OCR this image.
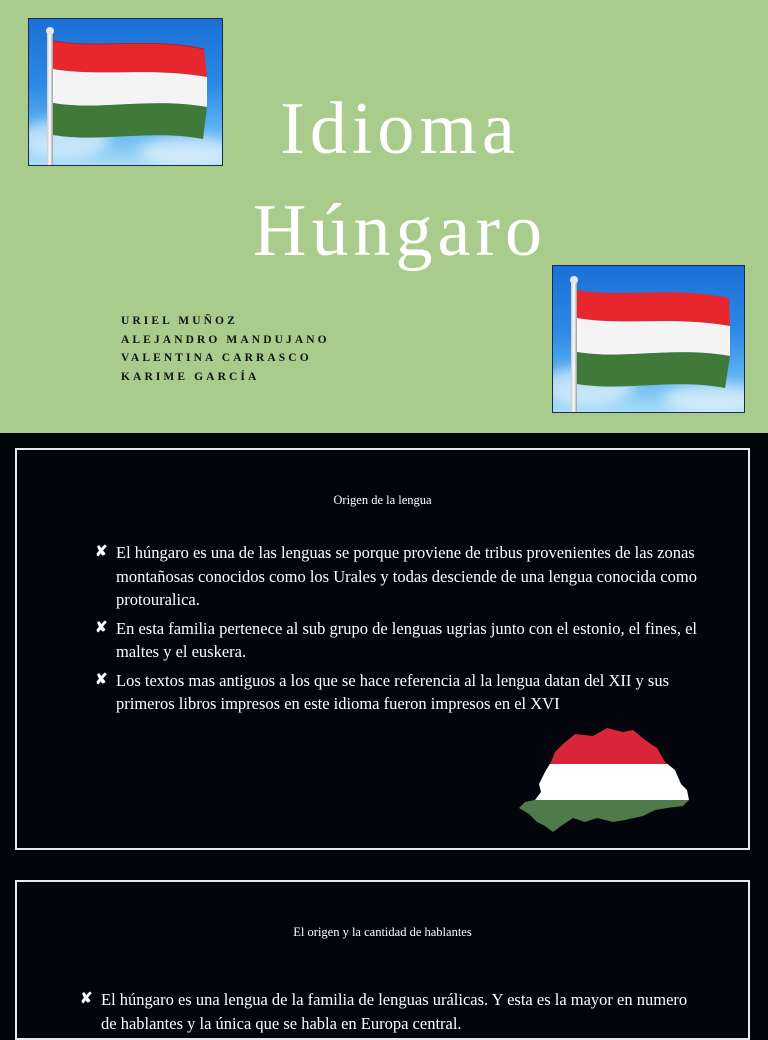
Idioma
Húngaro
URIEL MUÑOZ
ALEJANDRO MANDUJANO
VALENTINA CARRASCO
KARIME GARCÍA
Origen de la lengua
✘ El húngaro es una de las lenguas se porque proviene de tribus provenientes de las zonas montañosas conocidos como los Urales y todas desciende de una lengua conocida como protouralica.
✘ En esta familia pertenece al sub grupo de lenguas ugrias junto con el estonio, el fines, el maltes y el euskera.
✘ Los textos mas antiguos a los que se hace referencia al la lengua datan del XII y sus primeros libros impresos en este idioma fueron impresos en el XVI
El origen y la cantidad de hablantes
✘ El húngaro es una lengua de la familia de lenguas urálicas. Y esta es la mayor en numero de hablantes y la única que se habla en Europa central.
